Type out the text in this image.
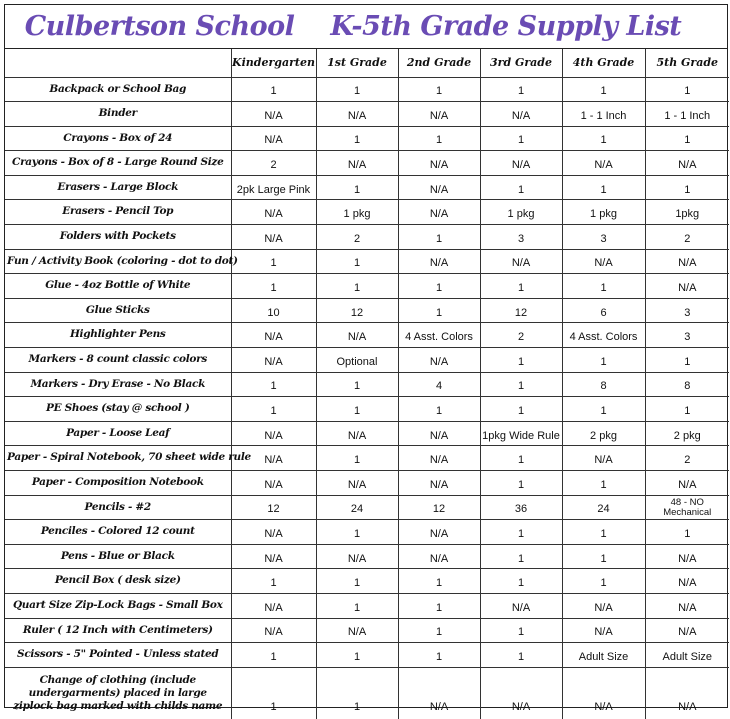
Culbertson School K-5th Grade Supply List
	Kindergarten	1st Grade	2nd Grade	3rd Grade	4th Grade	5th Grade
Backpack or School Bag	1	1	1	1	1	1
Binder	N/A	N/A	N/A	N/A	1 - 1 Inch	1 - 1 Inch
Crayons - Box of 24	N/A	1	1	1	1	1
Crayons - Box of 8 - Large Round Size	2	N/A	N/A	N/A	N/A	N/A
Erasers - Large Block	2pk Large Pink	1	N/A	1	1	1
Erasers - Pencil Top	N/A	1 pkg	N/A	1 pkg	1 pkg	1pkg
Folders with Pockets	N/A	2	1	3	3	2
Fun / Activity Book (coloring - dot to dot)	1	1	N/A	N/A	N/A	N/A
Glue - 4oz Bottle of White	1	1	1	1	1	N/A
Glue Sticks	10	12	1	12	6	3
Highlighter Pens	N/A	N/A	4 Asst. Colors	2	4 Asst. Colors	3
Markers - 8 count classic colors	N/A	Optional	N/A	1	1	1
Markers - Dry Erase - No Black	1	1	4	1	8	8
PE Shoes (stay @ school )	1	1	1	1	1	1
Paper - Loose Leaf	N/A	N/A	N/A	1pkg Wide Rule	2 pkg	2 pkg
Paper - Spiral Notebook, 70 sheet wide rule	N/A	1	N/A	1	N/A	2
Paper - Composition Notebook	N/A	N/A	N/A	1	1	N/A
Pencils - #2	12	24	12	36	24	48 - NO Mechanical
Penciles - Colored 12 count	N/A	1	N/A	1	1	1
Pens - Blue or Black	N/A	N/A	N/A	1	1	N/A
Pencil Box ( desk size)	1	1	1	1	1	N/A
Quart Size Zip-Lock Bags - Small Box	N/A	1	1	N/A	N/A	N/A
Ruler ( 12 Inch with Centimeters)	N/A	N/A	1	1	N/A	N/A
Scissors - 5" Pointed - Unless stated	1	1	1	1	Adult Size	Adult Size
Change of clothing (include undergarments) placed in large ziplock bag marked with childs name	1	1	N/A	N/A	N/A	N/A
